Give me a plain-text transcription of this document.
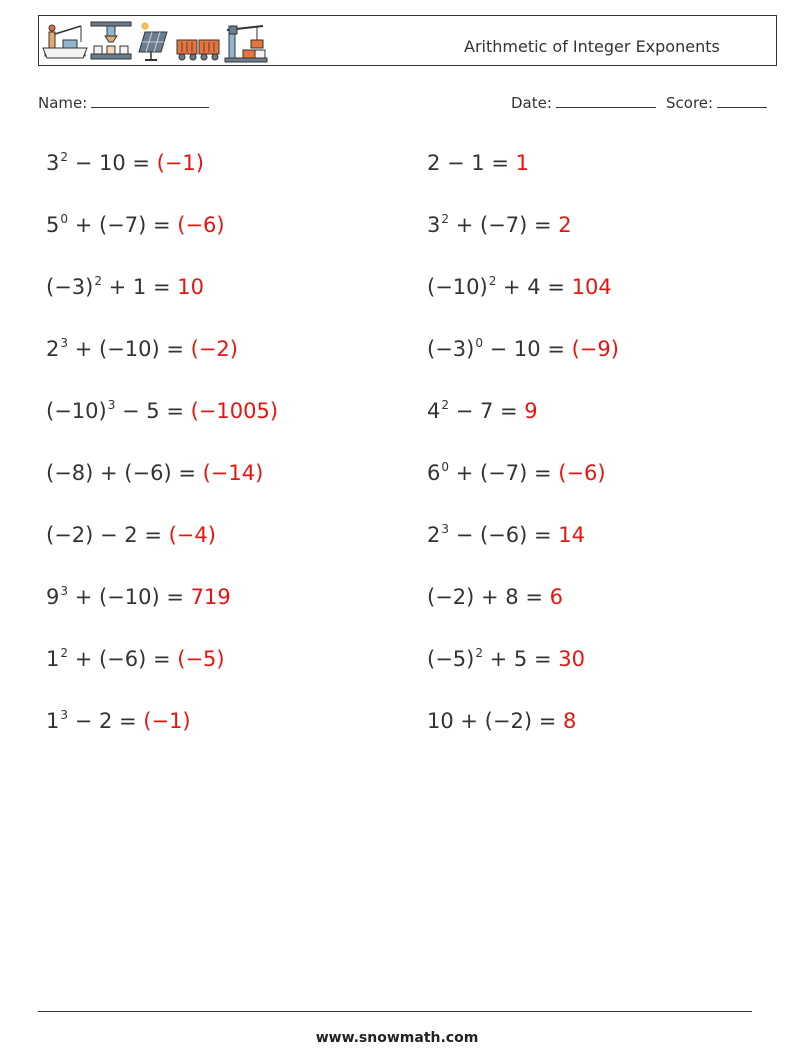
Arithmetic of Integer Exponents
Name:	Date:	Score:
$3^2 - 10 = (-1)$	2 − 1 = 1
$5^0 + (-7) = (-6)$	$3^2 + (-7) = 2$
$(-3)^2 + 1 = 10$	$(-10)^2 + 4 = 104$
$2^3 + (-10) = (-2)$	$(-3)^0 - 10 = (-9)$
$(-10)^3 - 5 = (-1005)$	$4^2 - 7 = 9$
(−8) + (−6) = (−14)	$6^0 + (-7) = (-6)$
(−2) − 2 = (−4)	$2^3 - (-6) = 14$
$9^3 + (-10) = 719$	(−2) + 8 = 6
$1^2 + (-6) = (-5)$	$(-5)^2 + 5 = 30$
$1^3 - 2 = (-1)$	10 + (−2) = 8
www.snowmath.com
